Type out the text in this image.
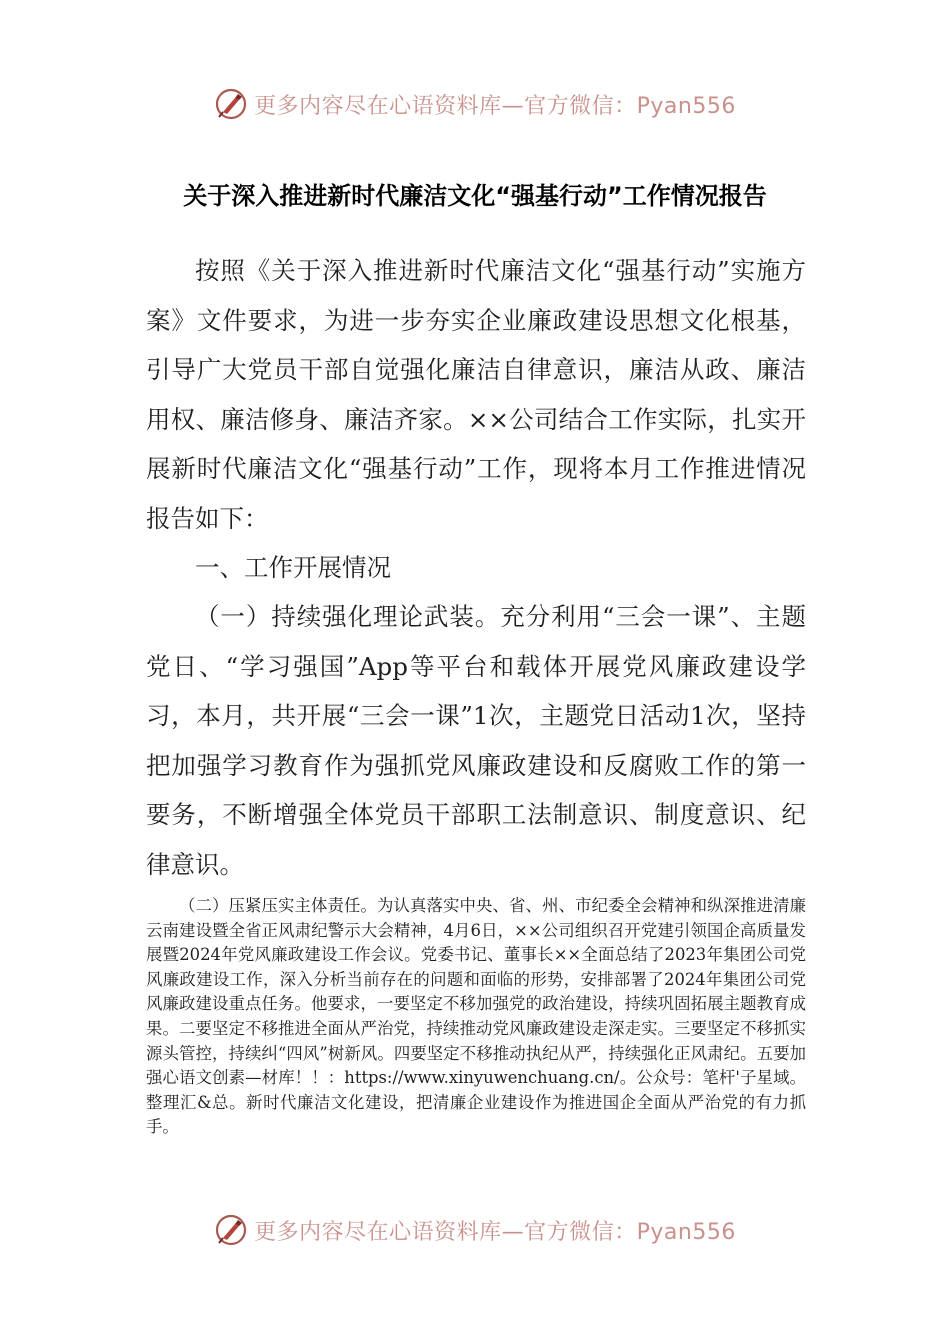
更多内容尽在心语资料库—官方微信：Pyan556
关于深入推进新时代廉洁文化“强基行动”工作情况报告

按照《关于深入推进新时代廉洁文化“强基行动”实施方案》文件要求，为进一步夯实企业廉政建设思想文化根基，引导广大党员干部自觉强化廉洁自律意识，廉洁从政、廉洁用权、廉洁修身、廉洁齐家。××公司结合工作实际，扎实开展新时代廉洁文化“强基行动”工作，现将本月工作推进情况报告如下：

一、工作开展情况

（一）持续强化理论武装。充分利用“三会一课”、主题党日、“学习强国”App等平台和载体开展党风廉政建设学习，本月，共开展“三会一课”1次，主题党日活动1次，坚持把加强学习教育作为强抓党风廉政建设和反腐败工作的第一要务，不断增强全体党员干部职工法制意识、制度意识、纪律意识。

（二）压紧压实主体责任。为认真落实中央、省、州、市纪委全会精神和纵深推进清廉云南建设暨全省正风肃纪警示大会精神，4月6日，××公司组织召开党建引领国企高质量发展暨2024年党风廉政建设工作会议。党委书记、董事长××全面总结了2023年集团公司党风廉政建设工作，深入分析当前存在的问题和面临的形势，安排部署了2024年集团公司党风廉政建设重点任务。他要求，一要坚定不移加强党的政治建设，持续巩固拓展主题教育成果。二要坚定不移推进全面从严治党，持续推动党风廉政建设走深走实。三要坚定不移抓实源头管控，持续纠“四风”树新风。四要坚定不移推动执纪从严，持续强化正风肃纪。五要加强心语文创素—材库！！：https://www.xinyuwenchuang.cn/。公众号：笔杆'子星域。整理汇&总。新时代廉洁文化建设，把清廉企业建设作为推进国企全面从严治党的有力抓手。

更多内容尽在心语资料库—官方微信：Pyan556
